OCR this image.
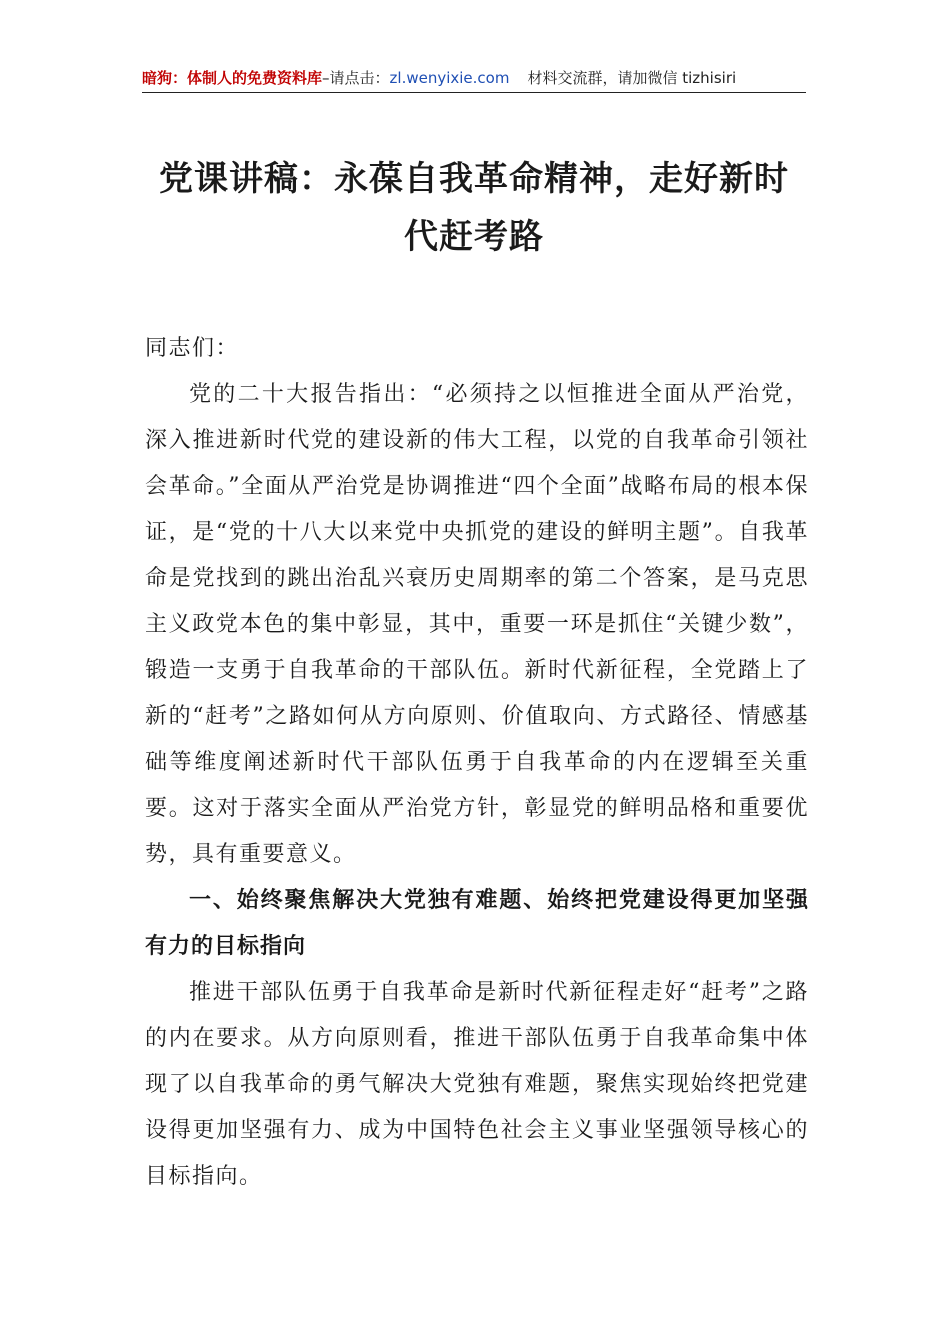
暗狗：体制人的免费资料库–请点击：zl.wenyixie.com 材料交流群，请加微信 tizhisiri
党课讲稿：永葆自我革命精神，走好新时代赶考路

同志们：

党的二十大报告指出：“必须持之以恒推进全面从严治党，深入推进新时代党的建设新的伟大工程，以党的自我革命引领社会革命。”全面从严治党是协调推进“四个全面”战略布局的根本保证，是“党的十八大以来党中央抓党的建设的鲜明主题”。自我革命是党找到的跳出治乱兴衰历史周期率的第二个答案，是马克思主义政党本色的集中彰显，其中，重要一环是抓住“关键少数”，锻造一支勇于自我革命的干部队伍。新时代新征程，全党踏上了新的“赶考”之路如何从方向原则、价值取向、方式路径、情感基础等维度阐述新时代干部队伍勇于自我革命的内在逻辑至关重要。这对于落实全面从严治党方针，彰显党的鲜明品格和重要优势，具有重要意义。

一、始终聚焦解决大党独有难题、始终把党建设得更加坚强有力的目标指向

推进干部队伍勇于自我革命是新时代新征程走好“赶考”之路的内在要求。从方向原则看，推进干部队伍勇于自我革命集中体现了以自我革命的勇气解决大党独有难题，聚焦实现始终把党建设得更加坚强有力、成为中国特色社会主义事业坚强领导核心的目标指向。
